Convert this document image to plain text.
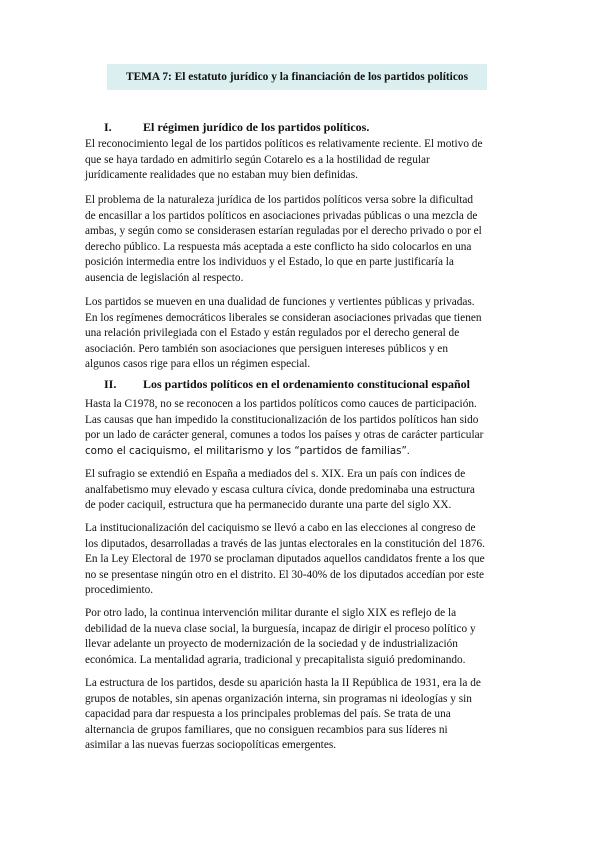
TEMA 7: El estatuto jurídico y la financiación de los partidos políticos
I.	El régimen jurídico de los partidos políticos.
El reconocimiento legal de los partidos políticos es relativamente reciente. El motivo de
que se haya tardado en admitirlo según Cotarelo es a la hostilidad de regular
jurídicamente realidades que no estaban muy bien definidas.
El problema de la naturaleza jurídica de los partidos políticos versa sobre la dificultad
de encasillar a los partidos políticos en asociaciones privadas públicas o una mezcla de
ambas, y según como se considerasen estarían reguladas por el derecho privado o por el
derecho público. La respuesta más aceptada a este conflicto ha sido colocarlos en una
posición intermedia entre los individuos y el Estado, lo que en parte justificaría la
ausencia de legislación al respecto.
Los partidos se mueven en una dualidad de funciones y vertientes públicas y privadas.
En los regímenes democráticos liberales se consideran asociaciones privadas que tienen
una relación privilegiada con el Estado y están regulados por el derecho general de
asociación. Pero también son asociaciones que persiguen intereses públicos y en
algunos casos rige para ellos un régimen especial.
II. Los partidos políticos en el ordenamiento constitucional español
Hasta la C1978, no se reconocen a los partidos políticos como cauces de participación.
Las causas que han impedido la constitucionalización de los partidos políticos han sido
por un lado de carácter general, comunes a todos los países y otras de carácter particular
como el caciquismo, el militarismo y los “partidos de familias”.
El sufragio se extendió en España a mediados del s. XIX. Era un país con índices de
analfabetismo muy elevado y escasa cultura cívica, donde predominaba una estructura
de poder caciquil, estructura que ha permanecido durante una parte del siglo XX.
La institucionalización del caciquismo se llevó a cabo en las elecciones al congreso de
los diputados, desarrolladas a través de las juntas electorales en la constitución del 1876.
En la Ley Electoral de 1970 se proclaman diputados aquellos candidatos frente a los que
no se presentase ningún otro en el distrito. El 30-40% de los diputados accedían por este
procedimiento.
Por otro lado, la continua intervención militar durante el siglo XIX es reflejo de la
debilidad de la nueva clase social, la burguesía, incapaz de dirigir el proceso político y
llevar adelante un proyecto de modernización de la sociedad y de industrialización
económica. La mentalidad agraria, tradicional y precapitalista siguió predominando.
La estructura de los partidos, desde su aparición hasta la II República de 1931, era la de
grupos de notables, sin apenas organización interna, sin programas ni ideologías y sin
capacidad para dar respuesta a los principales problemas del país. Se trata de una
alternancia de grupos familiares, que no consiguen recambios para sus líderes ni
asimilar a las nuevas fuerzas sociopolíticas emergentes.
